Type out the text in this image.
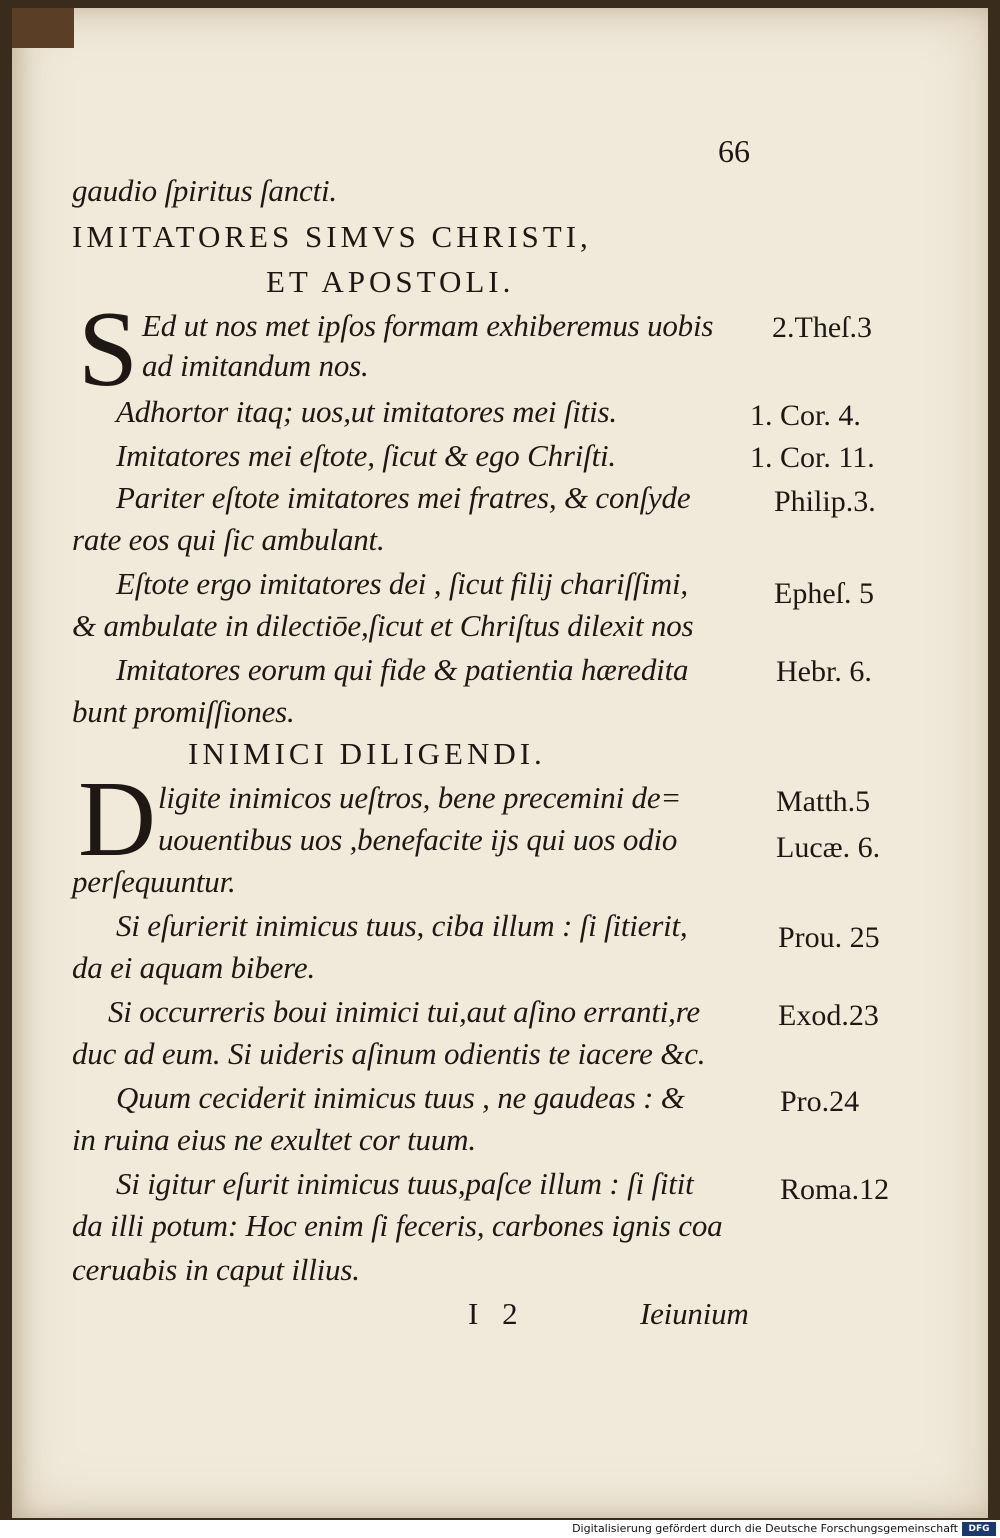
66
gaudio ſpiritus ſancti.
IMITATORES SIMVS CHRISTI,
ET APOSTOLI.
S Ed ut nos met ipſos formam exhiberemus uobis
ad imitandum nos.
Adhortor itaq; uos,ut imitatores mei ſitis.
Imitatores mei eſtote, ſicut & ego Chriſti.
Pariter eſtote imitatores mei fratres, & conſyde
rate eos qui ſic ambulant.
Eſtote ergo imitatores dei , ſicut filij chariſſimi,
& ambulate in dilectiōe,ſicut et Chriſtus dilexit nos
Imitatores eorum qui fide & patientia hæredita
bunt promiſſiones.
INIMICI DILIGENDI.
D ligite inimicos ueſtros, bene precemini de=
uouentibus uos ,benefacite ijs qui uos odio
perſequuntur.
Si eſurierit inimicus tuus, ciba illum : ſi ſitierit,
da ei aquam bibere.
Si occurreris boui inimici tui,aut aſino erranti,re
duc ad eum. Si uideris aſinum odientis te iacere &c.
Quum ceciderit inimicus tuus , ne gaudeas : &
in ruina eius ne exultet cor tuum.
Si igitur eſurit inimicus tuus,paſce illum : ſi ſitit
da illi potum: Hoc enim ſi feceris, carbones ignis coa
ceruabis in caput illius.
2.Theſ.3
1. Cor. 4.
1. Cor. 11.
Philip.3.
Epheſ. 5
Hebr. 6.
Matth.5
Lucæ. 6.
Prou. 25
Exod.23
Pro.24
Roma.12
I 2	Ieiunium
Digitalisierung gefördert durch die Deutsche Forschungsgemeinschaft	DFG
